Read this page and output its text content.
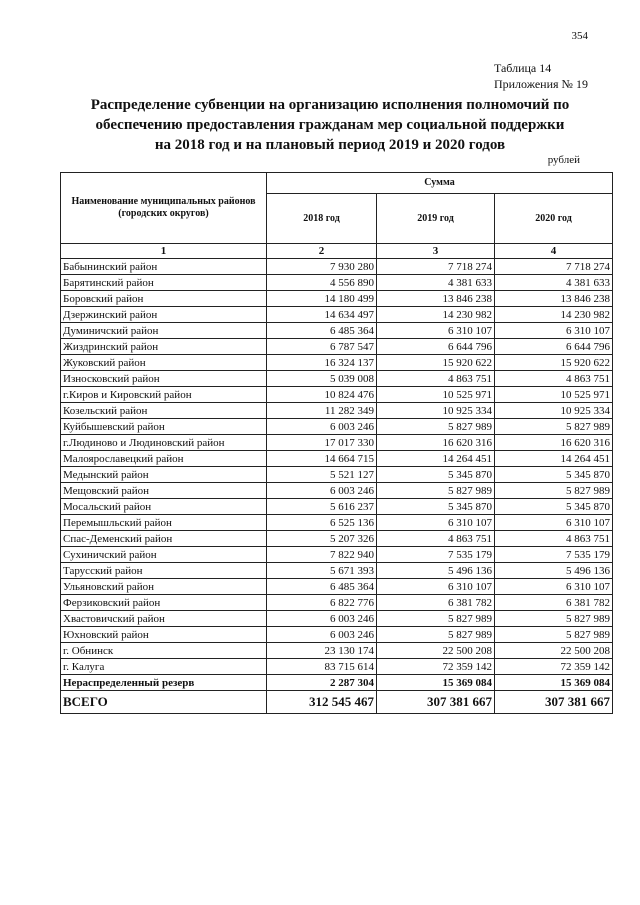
354
Таблица 14
Приложения № 19
Распределение субвенции на организацию исполнения полномочий по
обеспечению предоставления гражданам мер социальной поддержки
на 2018 год и на плановый период 2019 и 2020 годов
рублей
Наименование муниципальных районов (городских округов)	Сумма		
	2018 год	2019 год	2020 год
1	2	3	4
Бабынинский район	7 930 280	7 718 274	7 718 274
Барятинский район	4 556 890	4 381 633	4 381 633
Боровский район	14 180 499	13 846 238	13 846 238
Дзержинский район	14 634 497	14 230 982	14 230 982
Думиничский район	6 485 364	6 310 107	6 310 107
Жиздринский район	6 787 547	6 644 796	6 644 796
Жуковский район	16 324 137	15 920 622	15 920 622
Износковский район	5 039 008	4 863 751	4 863 751
г.Киров и Кировский район	10 824 476	10 525 971	10 525 971
Козельский район	11 282 349	10 925 334	10 925 334
Куйбышевский район	6 003 246	5 827 989	5 827 989
г.Людиново и Людиновский район	17 017 330	16 620 316	16 620 316
Малоярославецкий район	14 664 715	14 264 451	14 264 451
Медынский район	5 521 127	5 345 870	5 345 870
Мещовский район	6 003 246	5 827 989	5 827 989
Мосальский район	5 616 237	5 345 870	5 345 870
Перемышльский район	6 525 136	6 310 107	6 310 107
Спас-Деменский район	5 207 326	4 863 751	4 863 751
Сухиничский район	7 822 940	7 535 179	7 535 179
Тарусский район	5 671 393	5 496 136	5 496 136
Ульяновский район	6 485 364	6 310 107	6 310 107
Ферзиковский район	6 822 776	6 381 782	6 381 782
Хвастовичский район	6 003 246	5 827 989	5 827 989
Юхновский район	6 003 246	5 827 989	5 827 989
г. Обнинск	23 130 174	22 500 208	22 500 208
г. Калуга	83 715 614	72 359 142	72 359 142
Нераспределенный резерв	2 287 304	15 369 084	15 369 084
ВСЕГО	312 545 467	307 381 667	307 381 667
